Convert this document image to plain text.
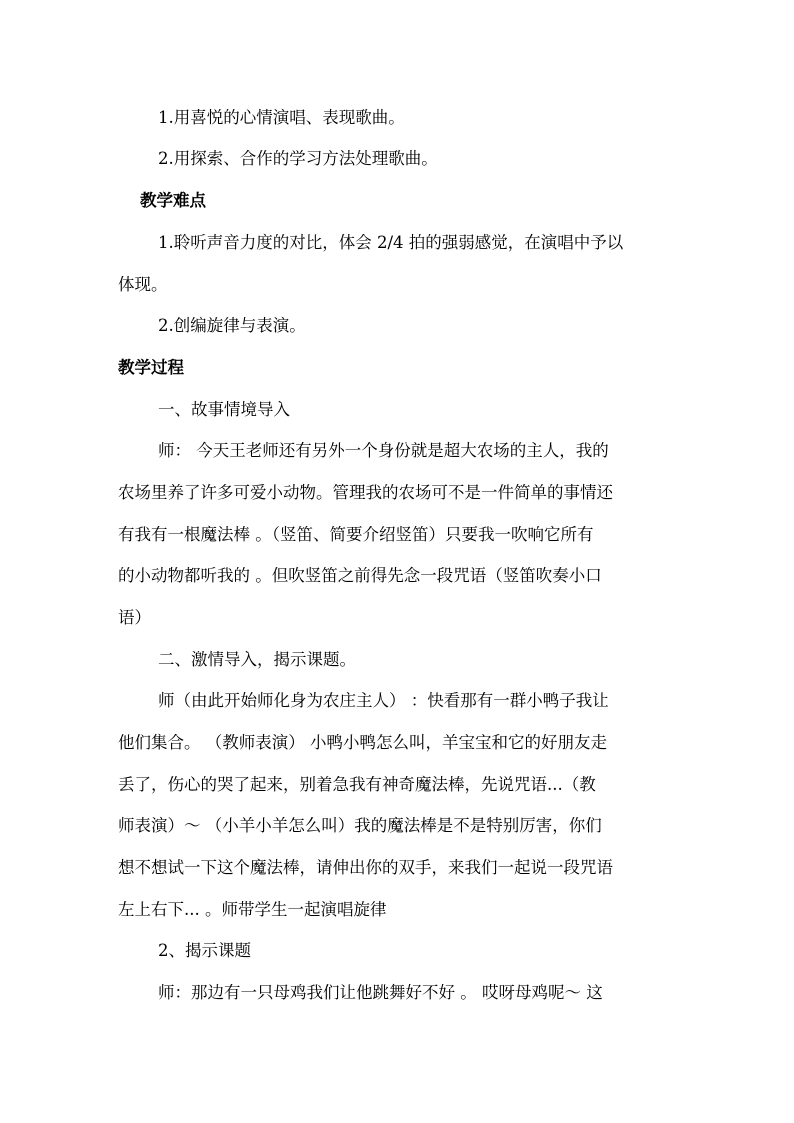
1.用喜悦的心情演唱、表现歌曲。
2.用探索、合作的学习方法处理歌曲。
教学难点
1.聆听声音力度的对比，体会 2/4 拍的强弱感觉，在演唱中予以
体现。
2.创编旋律与表演。
教学过程
一、故事情境导入
师： 今天王老师还有另外一个身份就是超大农场的主人，我的
农场里养了许多可爱小动物。管理我的农场可不是一件简单的事情还
有我有一根魔法棒 。（竖笛、简要介绍竖笛）只要我一吹响它所有
的小动物都听我的 。但吹竖笛之前得先念一段咒语（竖笛吹奏小口
语）
二、激情导入，揭示课题。
师（由此开始师化身为农庄主人） ：快看那有一群小鸭子我让
他们集合。 （教师表演） 小鸭小鸭怎么叫，羊宝宝和它的好朋友走
丢了，伤心的哭了起来，别着急我有神奇魔法棒，先说咒语...（教
师表演）～ （小羊小羊怎么叫）我的魔法棒是不是特别厉害，你们
想不想试一下这个魔法棒，请伸出你的双手，来我们一起说一段咒语
左上右下... 。师带学生一起演唱旋律
2、揭示课题
师：那边有一只母鸡我们让他跳舞好不好 。 哎呀母鸡呢～ 这
